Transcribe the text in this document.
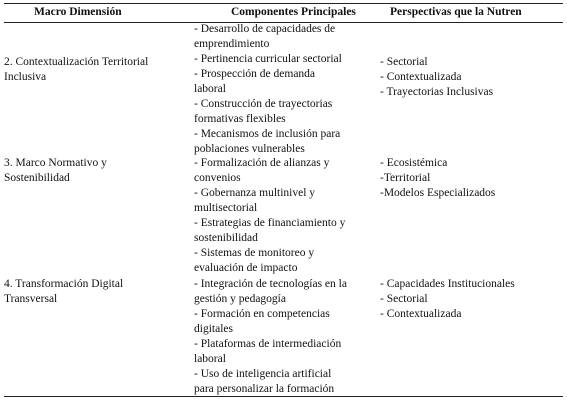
Macro Dimensión	Componentes Principales	Perspectivas que la Nutren
2. Contextualización Territorial
Inclusiva
- Desarrollo de capacidades de
emprendimiento
- Pertinencia curricular sectorial
- Prospección de demanda
laboral
- Construcción de trayectorias
formativas flexibles
- Mecanismos de inclusión para
poblaciones vulnerables
- Sectorial
- Contextualizada
- Trayectorias Inclusivas
3. Marco Normativo y
Sostenibilidad
- Formalización de alianzas y
convenios
- Gobernanza multinivel y
multisectorial
- Estrategias de financiamiento y
sostenibilidad
- Sistemas de monitoreo y
evaluación de impacto
- Ecosistémica
-Territorial
-Modelos Especializados
4. Transformación Digital
Transversal
- Integración de tecnologías en la
gestión y pedagogía
- Formación en competencias
digitales
- Plataformas de intermediación
laboral
- Uso de inteligencia artificial
para personalizar la formación
- Capacidades Institucionales
- Sectorial
- Contextualizada
